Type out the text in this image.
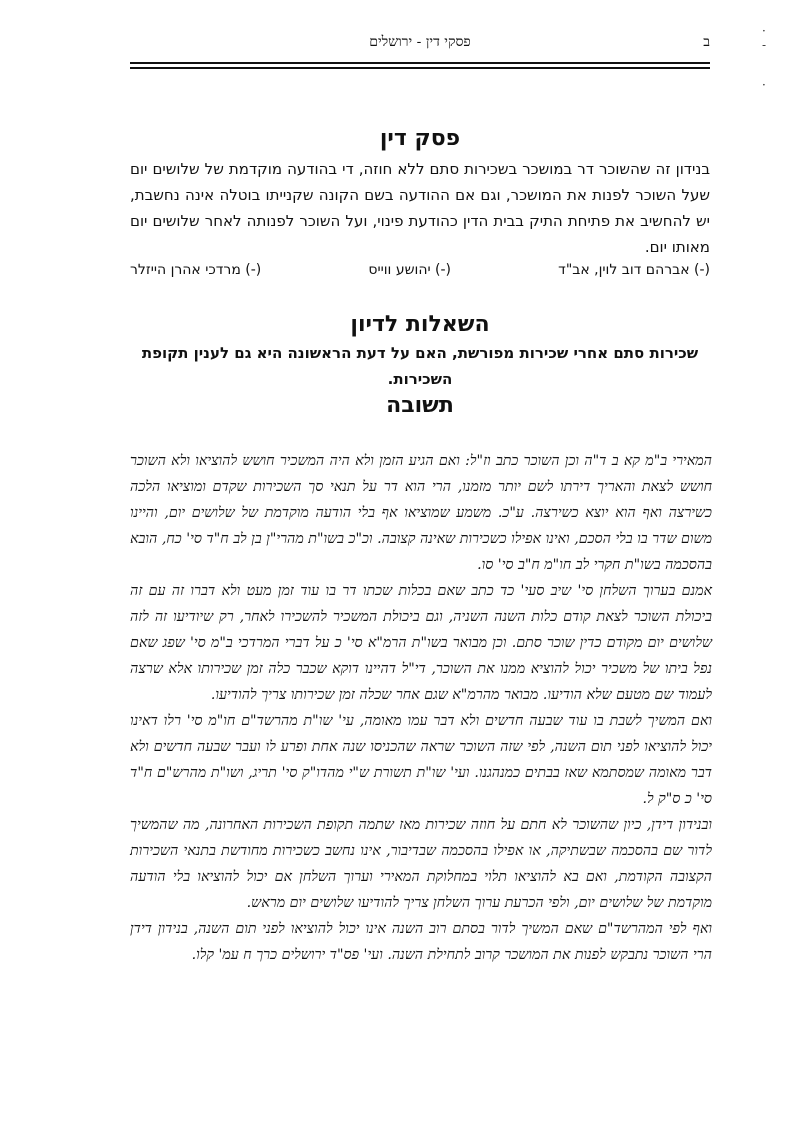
·
-
·
ב
פסקי דין - ירושלים
פסק דין

בנידון זה שהשוכר דר במושכר בשכירות סתם ללא חוזה, די בהודעה מוקדמת של שלושים יום שעל השוכר לפנות את המושכר, וגם אם ההודעה בשם הקונה שקנייתו בוטלה אינה נחשבת, יש להחשיב את פתיחת התיק בבית הדין כהודעת פינוי, ועל השוכר לפנותה לאחר שלושים יום מאותו יום.

(-) אברהם דוב לוין, אב"ד
(-) יהושע ווייס
(-) מרדכי אהרן הייזלר
השאלות לדיון

שכירות סתם אחרי שכירות מפורשת, האם על דעת הראשונה היא גם לענין תקופת השכירות.

תשובה

המאירי ב"מ קא ב ד"ה וכן השוכר כתב וז"ל: ואם הגיע הזמן ולא היה המשכיר חושש להוציאו ולא השוכר חושש לצאת והאריך דירתו לשם יותר מזמנו, הרי הוא דר על תנאי סך השכירות שקדם ומוציאו הלכה כשירצה ואף הוא יוצא כשירצה. ע"כ. משמע שמוציאו אף בלי הודעה מוקדמת של שלושים יום, והיינו משום שדר בו בלי הסכם, ואינו אפילו כשכירות שאינה קצובה. וכ"כ בשו"ת מהרי"ן בן לב ח"ד סי' כח, הובא בהסכמה בשו"ת חקרי לב חו"מ ח"ב סי' סו.

אמנם בערוך השלחן סי' שיב סעי' כד כתב שאם בכלות שכתו דר בו עוד זמן מעט ולא דברו זה עם זה ביכולת השוכר לצאת קודם כלות השנה השניה, וגם ביכולת המשכיר להשכירו לאחר, רק שיודיעו זה לזה שלושים יום מקודם כדין שוכר סתם. וכן מבואר בשו"ת הרמ"א סי' כ על דברי המרדכי ב"מ סי' שפג שאם נפל ביתו של משכיר יכול להוציא ממנו את השוכר, די"ל דהיינו דוקא שכבר כלה זמן שכירותו אלא שרצה לעמוד שם מטעם שלא הודיעו. מבואר מהרמ"א שגם אחר שכלה זמן שכירותו צריך להודיעו.

ואם המשיך לשבת בו עוד שבעה חדשים ולא דבר עמו מאומה, עי' שו"ת מהרשד"ם חו"מ סי' רלו דאינו יכול להוציאו לפני תום השנה, לפי שזה השוכר שראה שהכניסו שנה אחת ופרע לו ועבר שבעה חדשים ולא דבר מאומה שמסתמא שאז בבתים כמנהגנו. ועי' שו"ת תשורת ש"י מהדו"ק סי' תריג, ושו"ת מהרש"ם ח"ד סי' כ ס"ק ל.

ובנידון דידן, כיון שהשוכר לא חתם על חוזה שכירות מאז שתמה תקופת השכירות האחרונה, מה שהמשיך לדור שם בהסכמה שבשתיקה, או אפילו בהסכמה שבדיבור, אינו נחשב כשכירות מחודשת בתנאי השכירות הקצובה הקודמת, ואם בא להוציאו תלוי במחלוקת המאירי וערוך השלחן אם יכול להוציאו בלי הודעה מוקדמת של שלושים יום, ולפי הכרעת ערוך השלחן צריך להודיעו שלושים יום מראש.

ואף לפי המהרשד"ם שאם המשיך לדור בסתם רוב השנה אינו יכול להוציאו לפני תום השנה, בנידון דידן הרי השוכר נתבקש לפנות את המושכר קרוב לתחילת השנה. ועי' פס"ד ירושלים כרך ח עמ' קלו.
